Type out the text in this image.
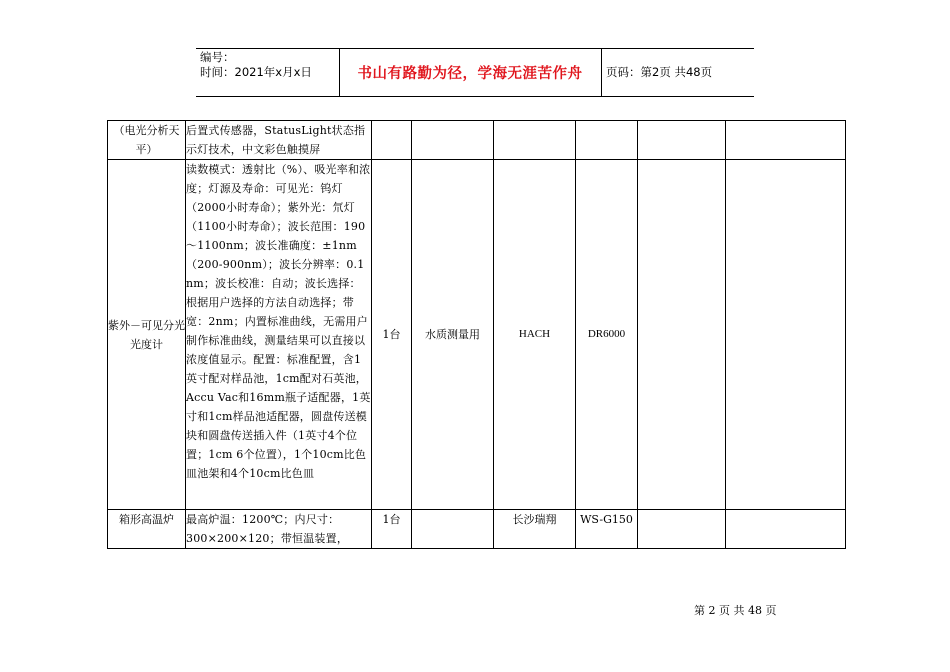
编号：
时间：2021年x月x日	书山有路勤为径，学海无涯苦作舟	页码：第2页 共48页
（电光分析天平）	后置式传感器，StatusLight状态指示灯技术，中文彩色触摸屏						
紫外－可见分光光度计	读数模式：透射比（%）、吸光率和浓度；灯源及寿命：可见光：钨灯（2000小时寿命）；紫外光：氘灯（1100小时寿命）；波长范围：190～1100nm；波长准确度：±1nm（200-900nm）；波长分辨率：0.1 nm；波长校准：自动；波长选择：根据用户选择的方法自动选择；带宽：2nm；内置标准曲线，无需用户制作标准曲线，测量结果可以直接以浓度值显示。配置：标准配置，含1英寸配对样品池，1cm配对石英池，Accu Vac和16mm瓶子适配器，1英寸和1cm样品池适配器，圆盘传送模块和圆盘传送插入件（1英寸4个位置；1cm 6个位置），1个10cm比色皿池架和4个10cm比色皿	1台	水质测量用	HACH	DR6000		
箱形高温炉	最高炉温：1200℃；内尺寸：300×200×120；带恒温装置，	1台		长沙瑞翔	WS-G150		
第 2 页 共 48 页
